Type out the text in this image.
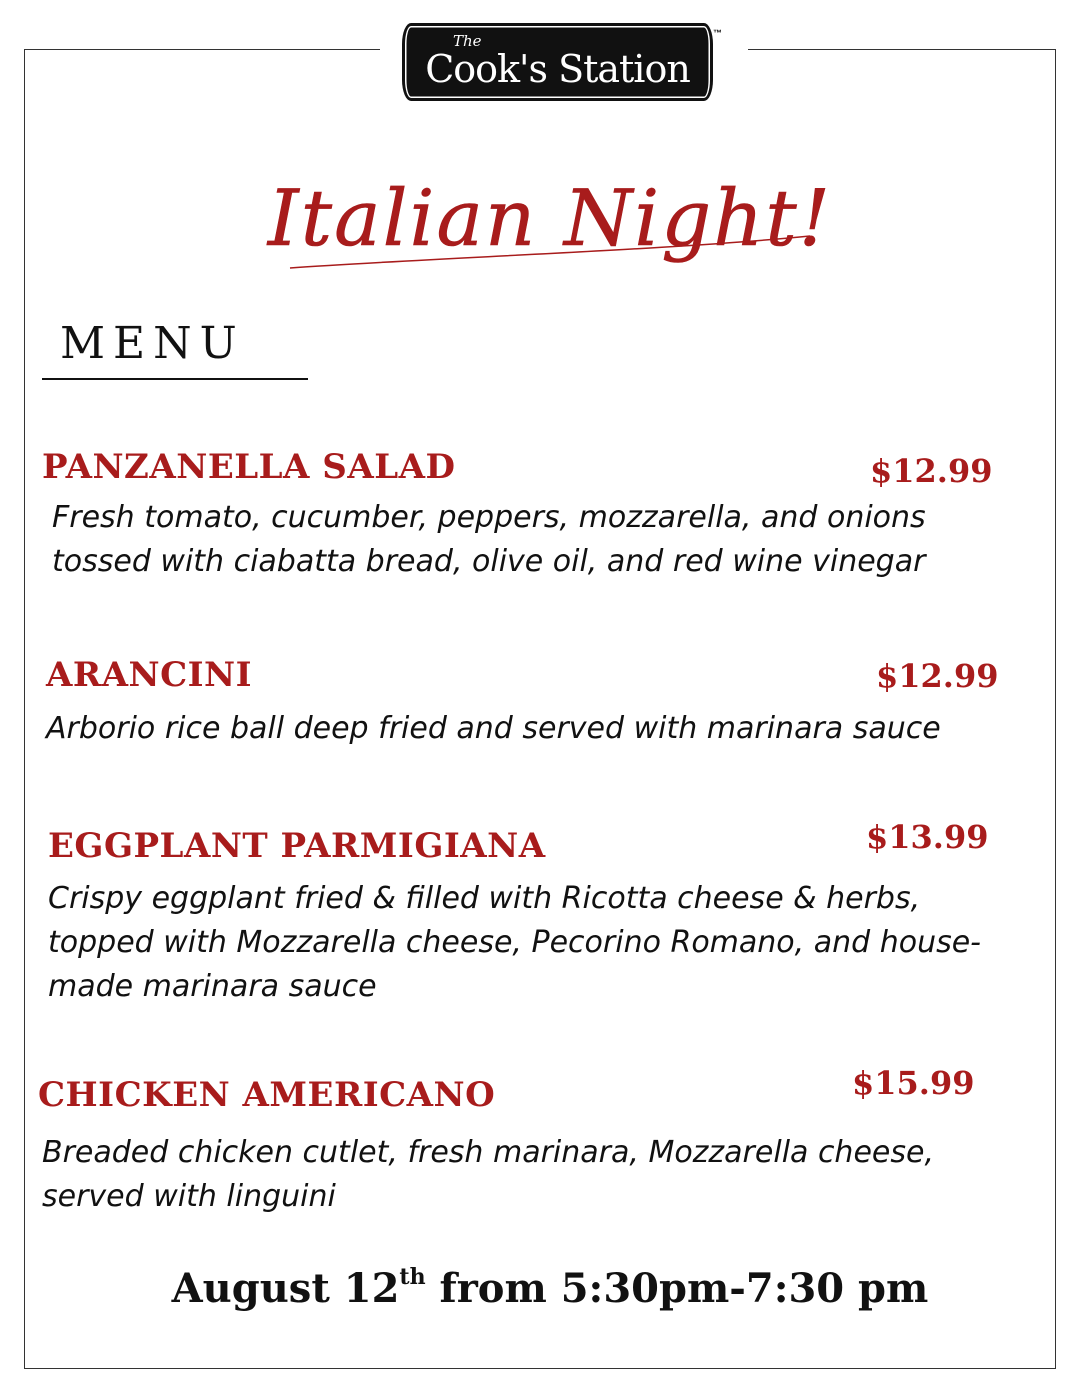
The
Cook's Station
™
Italian Night!
MENU
PANZANELLA SALAD	$12.99
Fresh tomato, cucumber, peppers, mozzarella, and onions tossed with ciabatta bread, olive oil, and red wine vinegar
ARANCINI	$12.99
Arborio rice ball deep fried and served with marinara sauce
EGGPLANT PARMIGIANA	$13.99
Crispy eggplant fried & filled with Ricotta cheese & herbs, topped with Mozzarella cheese, Pecorino Romano, and house-made marinara sauce
CHICKEN AMERICANO	$15.99
Breaded chicken cutlet, fresh marinara, Mozzarella cheese, served with linguini
August 12th from 5:30pm-7:30 pm
